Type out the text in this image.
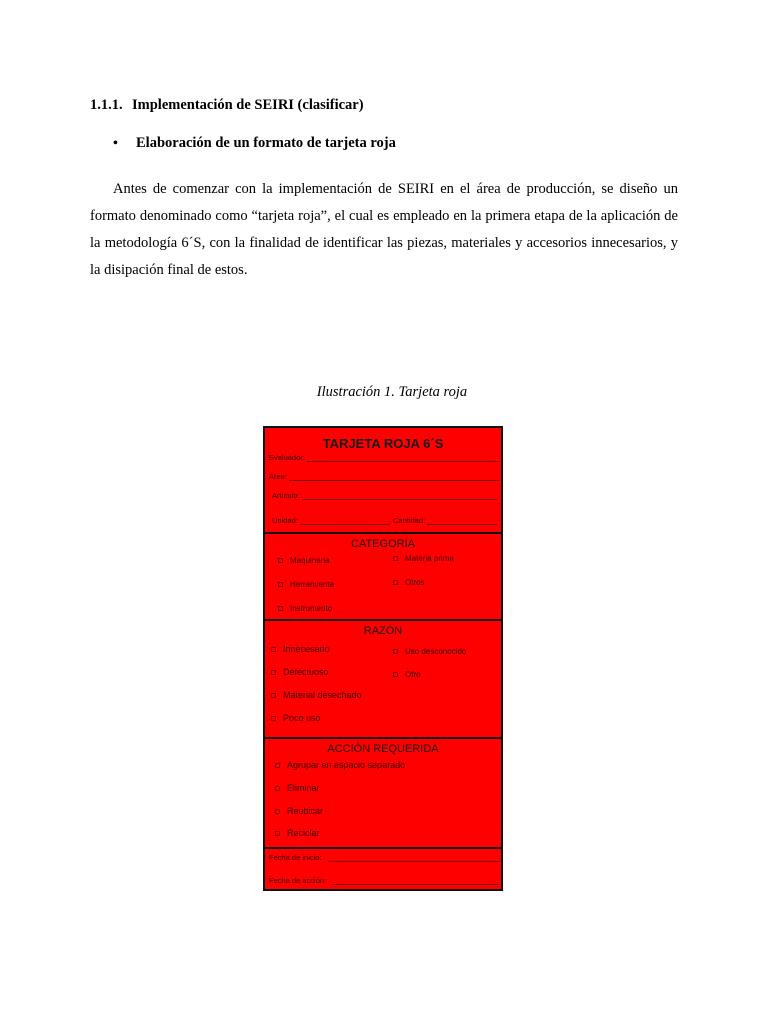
1.1.1. Implementación de SEIRI (clasificar)
• Elaboración de un formato de tarjeta roja

Antes de comenzar con la implementación de SEIRI en el área de producción, se diseño un formato denominado como “tarjeta roja”, el cual es empleado en la primera etapa de la aplicación de la metodología 6´S, con la finalidad de identificar las piezas, materiales y accesorios innecesarios, y la disipación final de estos.

Ilustración 1. Tarjeta roja
TARJETA ROJA 6´S
Evaluador:
Área:
Artículo:
Unidad:	Cantidad:
CATEGORÍA
Maquinaria	Materia prima
Herramienta	Otros
Instrumento
RAZÓN
Innecesario	Uso desconocido
Defectuoso	Otro
Material desechado
Poco uso
ACCIÓN REQUERIDA
Agrupar en espacio separado
Eliminar
Reubicar
Reciclar
Fecha de inicio:
Fecha de acción:
